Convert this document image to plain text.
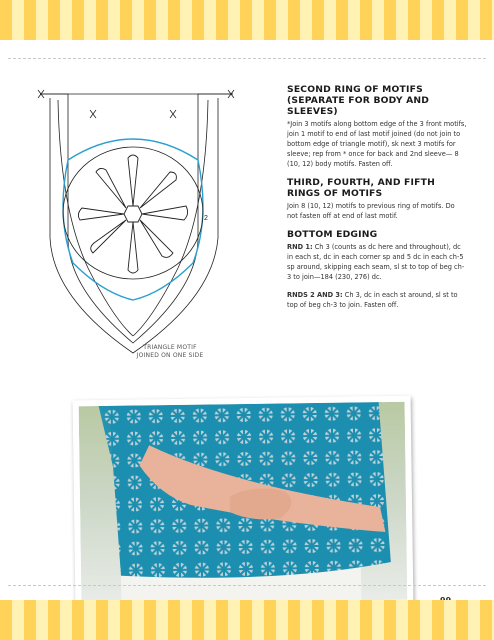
2
TRIANGLE MOTIF
JOINED ON ONE SIDE
SECOND RING OF MOTIFS (SEPARATE FOR BODY AND SLEEVES)
*Join 3 motifs along bottom edge of the 3 front motifs, join 1 motif to end of last motif joined (do not join to bottom edge of triangle motif), sk next 3 motifs for sleeve; rep from * once for back and 2nd sleeve— 8 (10, 12) body motifs. Fasten off.
THIRD, FOURTH, AND FIFTH RINGS OF MOTIFS
Join 8 (10, 12) motifs to previous ring of motifs. Do not fasten off at end of last motif.
BOTTOM EDGING
RND 1: Ch 3 (counts as dc here and throughout), dc in each st, dc in each corner sp and 5 dc in each ch-5 sp around, skipping each seam, sl st to top of beg ch-3 to join—184 (230, 276) dc.
RNDS 2 AND 3: Ch 3, dc in each st around, sl st to top of beg ch-3 to join. Fasten off.
